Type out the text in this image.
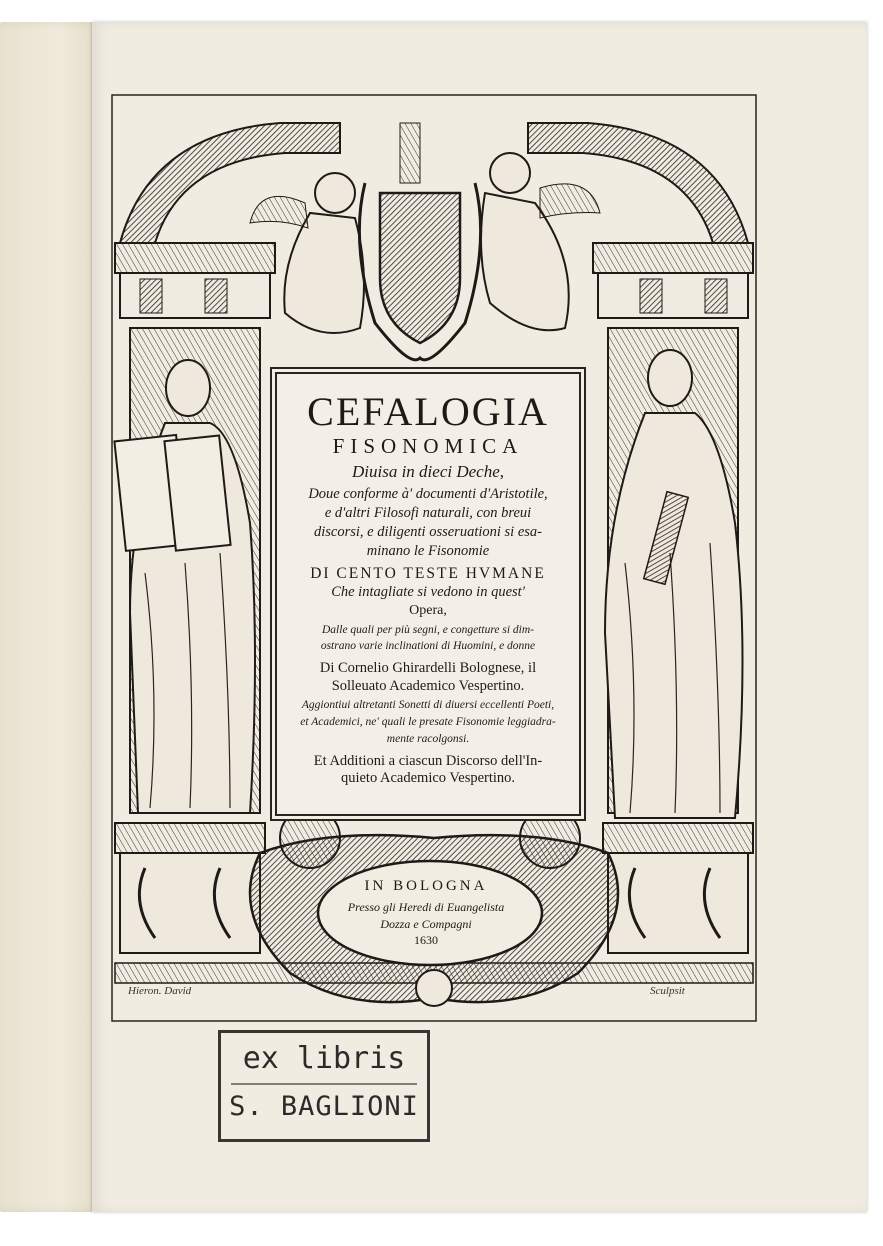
CEFALOGIA
FISONOMICA
Diuisa in dieci Deche,
Doue conforme à' documenti d'Aristotile,
e d'altri Filosofi naturali, con breui
discorsi, e diligenti osseruationi si esa-
minano le Fisonomie
DI CENTO TESTE HVMANE
Che intagliate si vedono in quest'
Opera,
Dalle quali per più segni, e congetture si dim-
ostrano varie inclinationi di Huomini, e donne
Di Cornelio Ghirardelli Bolognese, il
Solleuato Academico Vespertino.
Aggiontiui altretanti Sonetti di diuersi eccellenti Poeti,
et Academici, ne' quali le presate Fisonomie leggiadra-
mente racolgonsi.
Et Additioni a ciascun Discorso dell'In-
quieto Academico Vespertino.
IN BOLOGNA
Presso gli Heredi di Euangelista
Dozza e Compagni
1630
Hieron. David	Sculpsit
ex libris
S. BAGLIONI
